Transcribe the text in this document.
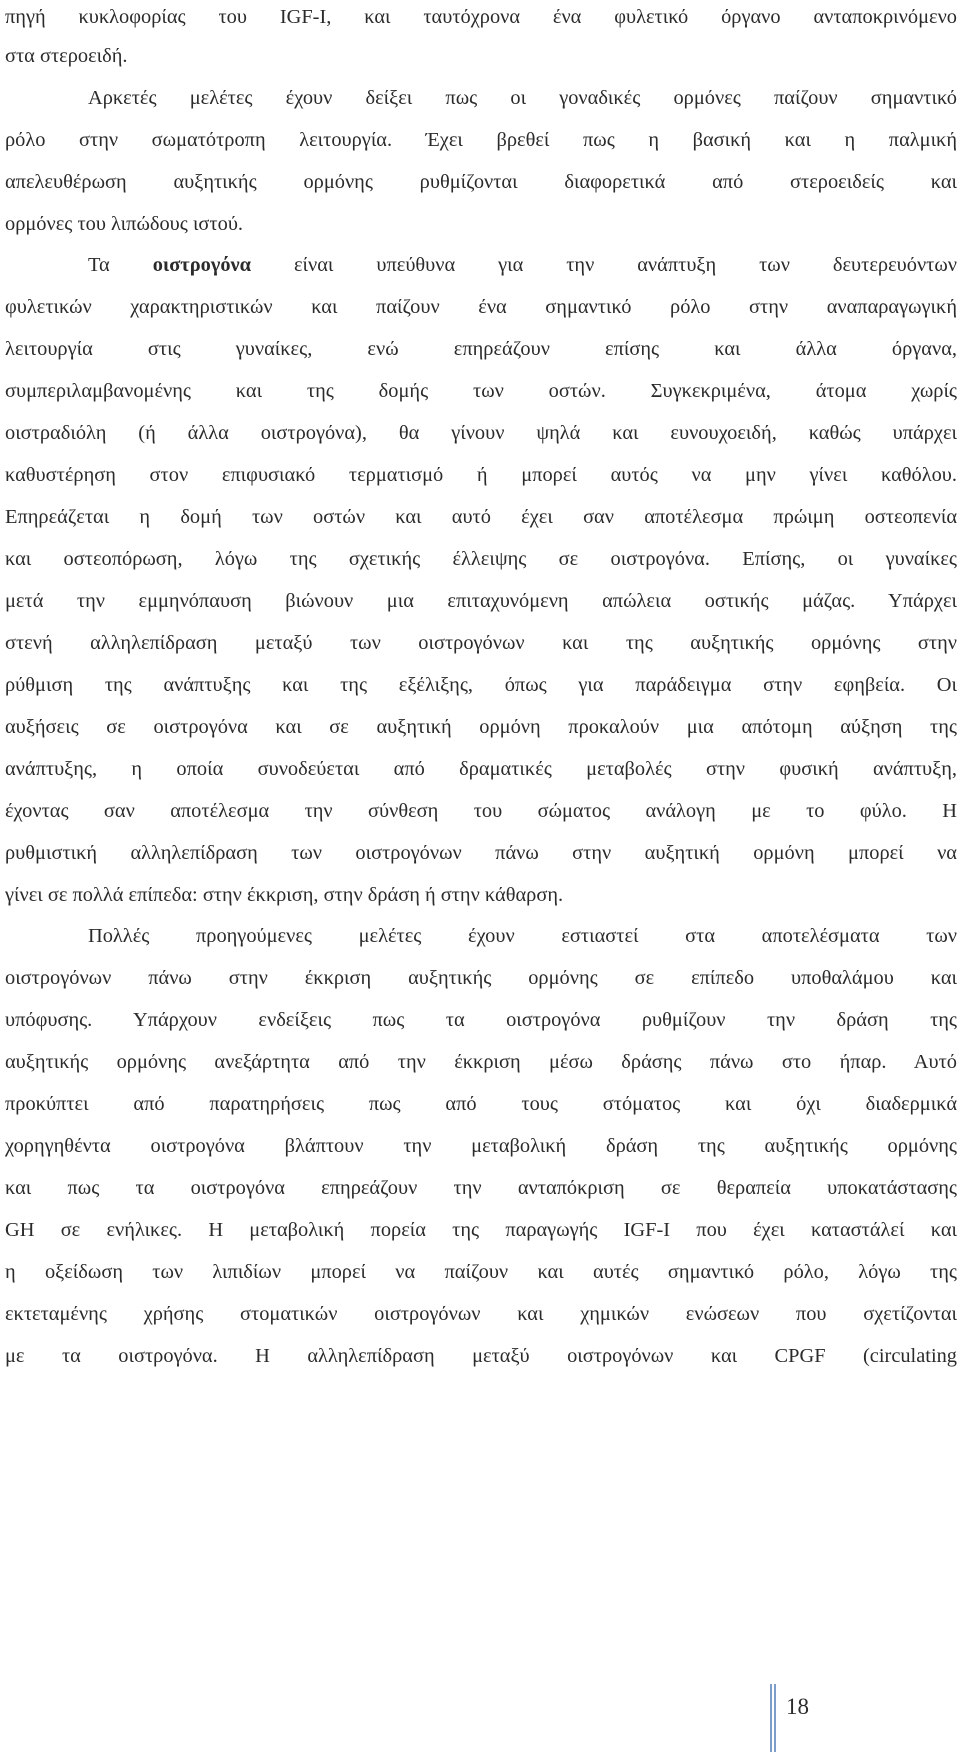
πηγή κυκλοφορίας του IGF-I, και ταυτόχρονα ένα φυλετικό όργανο ανταποκρινόμενο
στα στεροειδή.
Αρκετές μελέτες έχουν δείξει πως οι γοναδικές ορμόνες παίζουν σημαντικό
ρόλο στην σωματότροπη λειτουργία. Έχει βρεθεί πως η βασική και η παλμική
απελευθέρωση αυξητικής ορμόνης ρυθμίζονται διαφορετικά από στεροειδείς και
ορμόνες του λιπώδους ιστού.
Τα οιστρογόνα είναι υπεύθυνα για την ανάπτυξη των δευτερευόντων
φυλετικών χαρακτηριστικών και παίζουν ένα σημαντικό ρόλο στην αναπαραγωγική
λειτουργία στις γυναίκες, ενώ επηρεάζουν επίσης και άλλα όργανα,
συμπεριλαμβανομένης και της δομής των οστών. Συγκεκριμένα, άτομα χωρίς
οιστραδιόλη (ή άλλα οιστρογόνα), θα γίνουν ψηλά και ευνουχοειδή, καθώς υπάρχει
καθυστέρηση στον επιφυσιακό τερματισμό ή μπορεί αυτός να μην γίνει καθόλου.
Επηρεάζεται η δομή των οστών και αυτό έχει σαν αποτέλεσμα πρώιμη οστεοπενία
και οστεοπόρωση, λόγω της σχετικής έλλειψης σε οιστρογόνα. Επίσης, οι γυναίκες
μετά την εμμηνόπαυση βιώνουν μια επιταχυνόμενη απώλεια οστικής μάζας. Υπάρχει
στενή αλληλεπίδραση μεταξύ των οιστρογόνων και της αυξητικής ορμόνης στην
ρύθμιση της ανάπτυξης και της εξέλιξης, όπως για παράδειγμα στην εφηβεία. Οι
αυξήσεις σε οιστρογόνα και σε αυξητική ορμόνη προκαλούν μια απότομη αύξηση της
ανάπτυξης, η οποία συνοδεύεται από δραματικές μεταβολές στην φυσική ανάπτυξη,
έχοντας σαν αποτέλεσμα την σύνθεση του σώματος ανάλογη με το φύλο. Η
ρυθμιστική αλληλεπίδραση των οιστρογόνων πάνω στην αυξητική ορμόνη μπορεί να
γίνει σε πολλά επίπεδα: στην έκκριση, στην δράση ή στην κάθαρση.
Πολλές προηγούμενες μελέτες έχουν εστιαστεί στα αποτελέσματα των
οιστρογόνων πάνω στην έκκριση αυξητικής ορμόνης σε επίπεδο υποθαλάμου και
υπόφυσης. Υπάρχουν ενδείξεις πως τα οιστρογόνα ρυθμίζουν την δράση της
αυξητικής ορμόνης ανεξάρτητα από την έκκριση μέσω δράσης πάνω στο ήπαρ. Αυτό
προκύπτει από παρατηρήσεις πως από τους στόματος και όχι διαδερμικά
χορηγηθέντα οιστρογόνα βλάπτουν την μεταβολική δράση της αυξητικής ορμόνης
και πως τα οιστρογόνα επηρεάζουν την ανταπόκριση σε θεραπεία υποκατάστασης
GH σε ενήλικες. Η μεταβολική πορεία της παραγωγής IGF-I που έχει καταστάλεί και
η οξείδωση των λιπιδίων μπορεί να παίζουν και αυτές σημαντικό ρόλο, λόγω της
εκτεταμένης χρήσης στοματικών οιστρογόνων και χημικών ενώσεων που σχετίζονται
με τα οιστρογόνα. Η αλληλεπίδραση μεταξύ οιστρογόνων και CPGF (circulating
18
